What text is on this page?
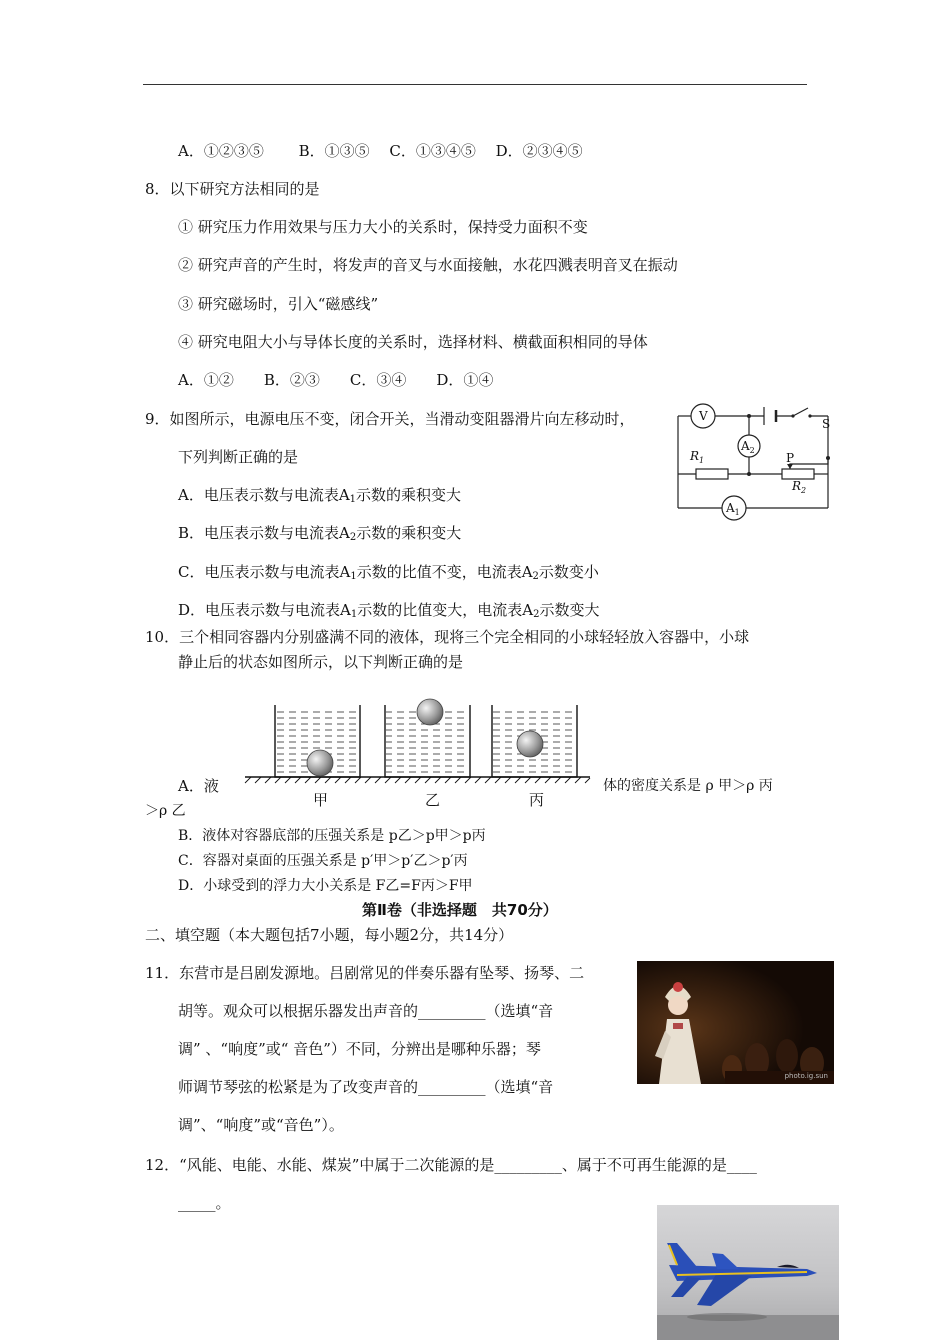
A．①②③⑤　　 B．①③⑤　 C．①③④⑤　 D．②③④⑤
8．以下研究方法相同的是
① 研究压力作用效果与压力大小的关系时，保持受力面积不变
② 研究声音的产生时，将发声的音叉与水面接触，水花四溅表明音叉在振动
③ 研究磁场时，引入“磁感线”
④ 研究电阻大小与导体长度的关系时，选择材料、横截面积相同的导体
A．①②　　B．②③　　C．③④　　D．①④
9．如图所示，电源电压不变，闭合开关，当滑动变阻器滑片向左移动时，
下列判断正确的是
A．电压表示数与电流表$A_1$示数的乘积变大
B．电压表示数与电流表$A_2$示数的乘积变大
C．电压表示数与电流表$A_1$示数的比值不变，电流表$A_2$示数变小
D．电压表示数与电流表$A_1$示数的比值变大，电流表$A_2$示数变大
V
$A_2$
$A_1$
S
P
$R_1$
$R_2$
10．三个相同容器内分别盛满不同的液体，现将三个完全相同的小球轻轻放入容器中，小球
静止后的状态如图所示，以下判断正确的是
甲	乙	丙
A．液	体的密度关系是 ρ 甲＞ρ 丙
＞ρ 乙
B．液体对容器底部的压强关系是 p乙＞p甲＞p丙
C．容器对桌面的压强关系是 p′甲＞p′乙＞p′丙
D．小球受到的浮力大小关系是 F乙=F丙＞F甲
第Ⅱ卷（非选择题　共70分）
二、填空题（本大题包括7小题，每小题2分，共14分）
11．东营市是吕剧发源地。吕剧常见的伴奏乐器有坠琴、扬琴、二
胡等。观众可以根据乐器发出声音的_________（选填“音
调” 、“响度”或“ 音色”）不同，分辨出是哪种乐器；琴
师调节琴弦的松紧是为了改变声音的_________（选填“音
调”、“响度”或“音色”）。
photo.ig.sun
12．“风能、电能、水能、煤炭”中属于二次能源的是_________、属于不可再生能源的是____
_____。
